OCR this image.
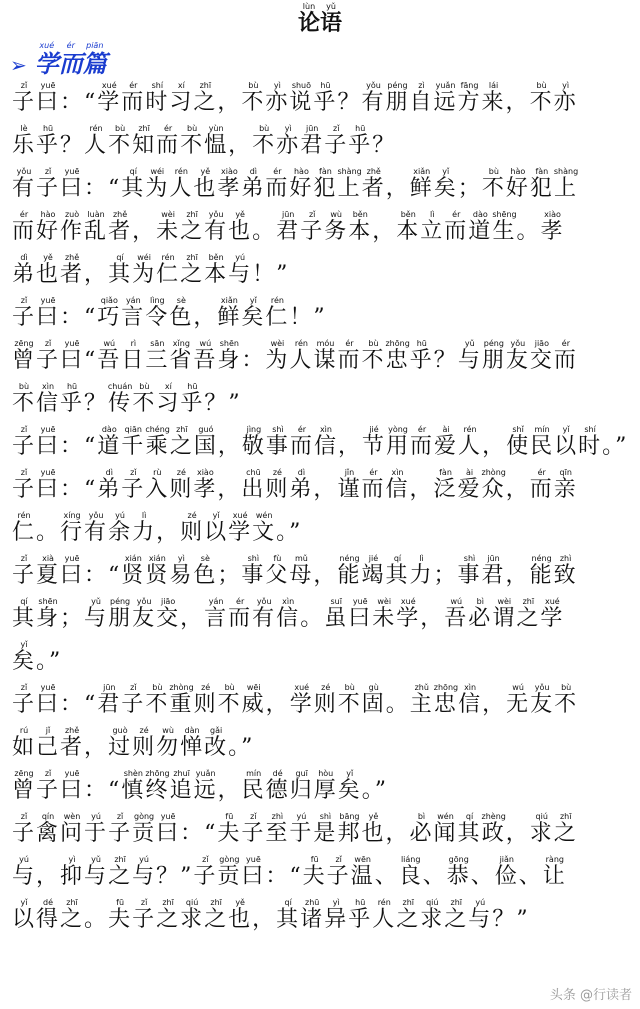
论lùn语yǔ
➢ 学xué而ér篇piān
子zǐ曰yuē：“学xué而ér时shí习xí之zhī，不bù亦yì说shuō乎hū？有yǒu朋péng自zì远yuǎn方fāng来lái，不bù亦yì
乐lè乎hū？人rén不bù知zhī而ér不bù愠yùn，不bù亦yì君jūn子zǐ乎hū？
有yǒu子zǐ曰yuē：“其qí为wéi人rén也yě孝xiào弟dì而ér好hào犯fàn上shàng者zhě，鲜xiǎn矣yǐ；不bù好hào犯fàn上shàng
而ér好hào作zuò乱luàn者zhě，未wèi之zhī有yǒu也yě。君jūn子zǐ务wù本běn，本běn立lì而ér道dào生shēng。孝xiào
弟dì也yě者zhě，其qí为wéi仁rén之zhī本běn与yú！”
子zǐ曰yuē：“巧qiǎo言yán令lìng色sè，鲜xiǎn矣yǐ仁rén！”
曾zēng子zǐ曰yuē“吾wú日rì三sān省xǐng吾wú身shēn：为wèi人rén谋móu而ér不bù忠zhōng乎hū？与yǔ朋péng友yǒu交jiāo而ér
不bù信xìn乎hū？传chuán不bù习xí乎hū？”
子zǐ曰yuē：“道dào千qiān乘chéng之zhī国guó，敬jìng事shì而ér信xìn，节jié用yòng而ér爱ài人rén，使shǐ民mín以yǐ时shí。”
子zǐ曰yuē：“弟dì子zǐ入rù则zé孝xiào，出chū则zé弟dì，谨jǐn而ér信xìn，泛fàn爱ài众zhòng，而ér亲qīn
仁rén。行xíng有yǒu余yú力lì，则zé以yǐ学xué文wén。”
子zǐ夏xià曰yuē：“贤xián贤xián易yì色sè；事shì父fù母mǔ，能néng竭jié其qí力lì；事shì君jūn，能néng致zhì
其qí身shēn；与yǔ朋péng友yǒu交jiāo，言yán而ér有yǒu信xìn。虽suī曰yuē未wèi学xué，吾wú必bì谓wèi之zhī学xué
矣yǐ。”
子zǐ曰yuē：“君jūn子zǐ不bù重zhòng则zé不bù威wēi，学xué则zé不bù固gù。主zhǔ忠zhōng信xìn，无wú友yǒu不bù
如rú己jǐ者zhě，过guò则zé勿wù惮dàn改gǎi。”
曾zēng子zǐ曰yuē：“慎shèn终zhōng追zhuī远yuǎn，民mín德dé归guī厚hòu矣yǐ。”
子zǐ禽qín问wèn于yú子zǐ贡gòng曰yuē：“夫fū子zǐ至zhì于yú是shì邦bāng也yě，必bì闻wén其qí政zhèng，求qiú之zhī
与yú，抑yì与yǔ之zhī与yú？”子zǐ贡gòng曰yuē：“夫fū子zǐ温wēn、良liáng、恭gōng、俭jiǎn、让ràng
以yǐ得dé之zhī。夫fū子zǐ之zhī求qiú之zhī也yě，其qí诸zhū异yì乎hū人rén之zhī求qiú之zhī与yú？”
头条 @行读者
